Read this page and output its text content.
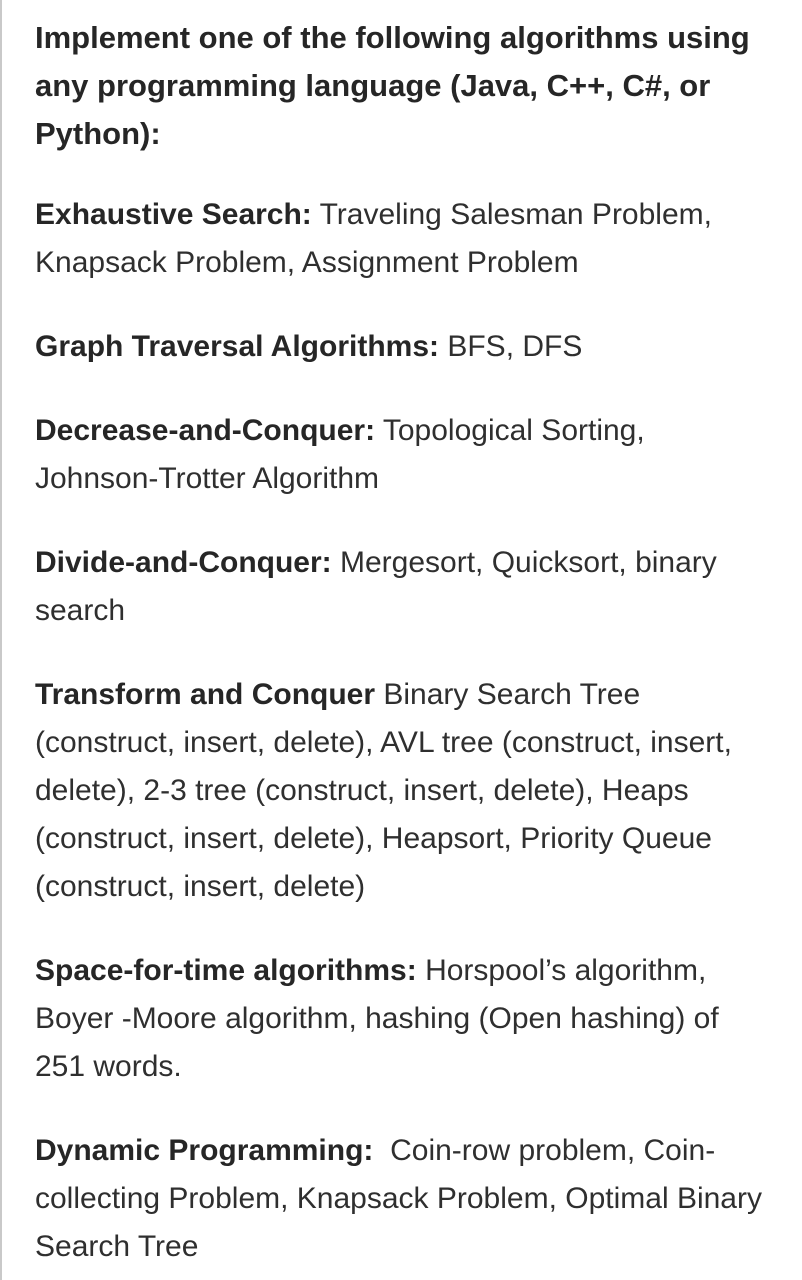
Implement one of the following algorithms using any programming language (Java, C++, C#, or Python):

Exhaustive Search: Traveling Salesman Problem, Knapsack Problem, Assignment Problem

Graph Traversal Algorithms: BFS, DFS

Decrease-and-Conquer: Topological Sorting, Johnson-Trotter Algorithm

Divide-and-Conquer: Mergesort, Quicksort, binary search

Transform and Conquer Binary Search Tree (construct, insert, delete), AVL tree (construct, insert, delete), 2-3 tree (construct, insert, delete), Heaps (construct, insert, delete), Heapsort, Priority Queue (construct, insert, delete)

Space-for-time algorithms: Horspool’s algorithm, Boyer -Moore algorithm, hashing (Open hashing) of 251 words.

Dynamic Programming:  Coin-row problem, Coin-collecting Problem, Knapsack Problem, Optimal Binary Search Tree
